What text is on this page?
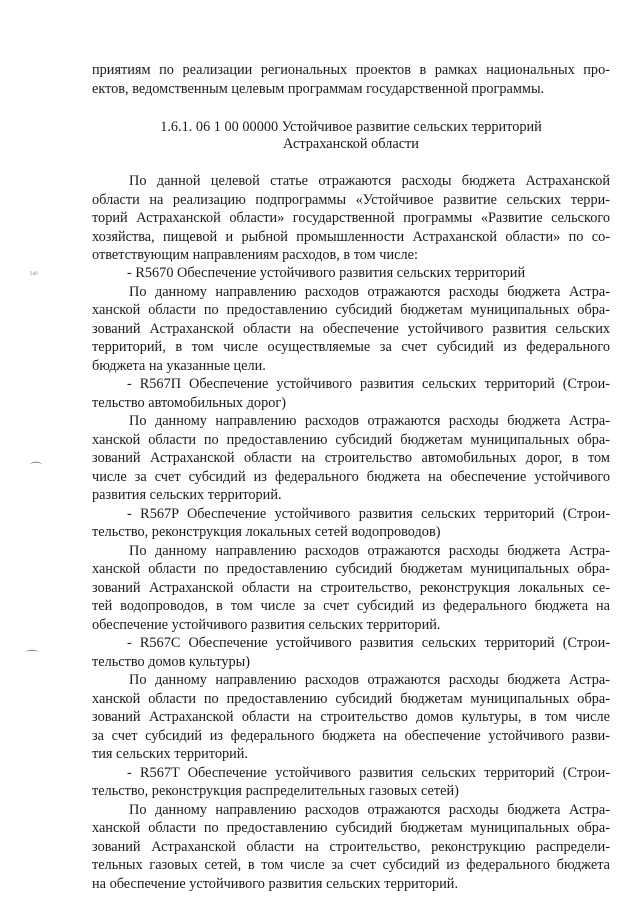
приятиям по реализации региональных проектов в рамках национальных про-
ектов, ведомственным целевым программам государственной программы.
1.6.1. 06 1 00 00000 Устойчивое развитие сельских территорий
Астраханской области
По данной целевой статье отражаются расходы бюджета Астраханской
области на реализацию подпрограммы «Устойчивое развитие сельских терри-
торий Астраханской области» государственной программы «Развитие сельского
хозяйства, пищевой и рыбной промышленности Астраханской области» по со-
ответствующим направлениям расходов, в том числе:
- R5670 Обеспечение устойчивого развития сельских территорий
По данному направлению расходов отражаются расходы бюджета Астра-
ханской области по предоставлению субсидий бюджетам муниципальных обра-
зований Астраханской области на обеспечение устойчивого развития сельских
территорий, в том числе осуществляемые за счет субсидий из федерального
бюджета на указанные цели.
- R567П Обеспечение устойчивого развития сельских территорий (Строи-
тельство автомобильных дорог)
По данному направлению расходов отражаются расходы бюджета Астра-
ханской области по предоставлению субсидий бюджетам муниципальных обра-
зований Астраханской области на строительство автомобильных дорог, в том
числе за счет субсидий из федерального бюджета на обеспечение устойчивого
развития сельских территорий.
- R567P Обеспечение устойчивого развития сельских территорий (Строи-
тельство, реконструкция локальных сетей водопроводов)
По данному направлению расходов отражаются расходы бюджета Астра-
ханской области по предоставлению субсидий бюджетам муниципальных обра-
зований Астраханской области на строительство, реконструкция локальных се-
тей водопроводов, в том числе за счет субсидий из федерального бюджета на
обеспечение устойчивого развития сельских территорий.
- R567C Обеспечение устойчивого развития сельских территорий (Строи-
тельство домов культуры)
По данному направлению расходов отражаются расходы бюджета Астра-
ханской области по предоставлению субсидий бюджетам муниципальных обра-
зований Астраханской области на строительство домов культуры, в том числе
за счет субсидий из федерального бюджета на обеспечение устойчивого разви-
тия сельских территорий.
- R567T Обеспечение устойчивого развития сельских территорий (Строи-
тельство, реконструкция распределительных газовых сетей)
По данному направлению расходов отражаются расходы бюджета Астра-
ханской области по предоставлению субсидий бюджетам муниципальных обра-
зований Астраханской области на строительство, реконструкцию распредели-
тельных газовых сетей, в том числе за счет субсидий из федерального бюджета
на обеспечение устойчивого развития сельских территорий.
540
⌒
⌒
